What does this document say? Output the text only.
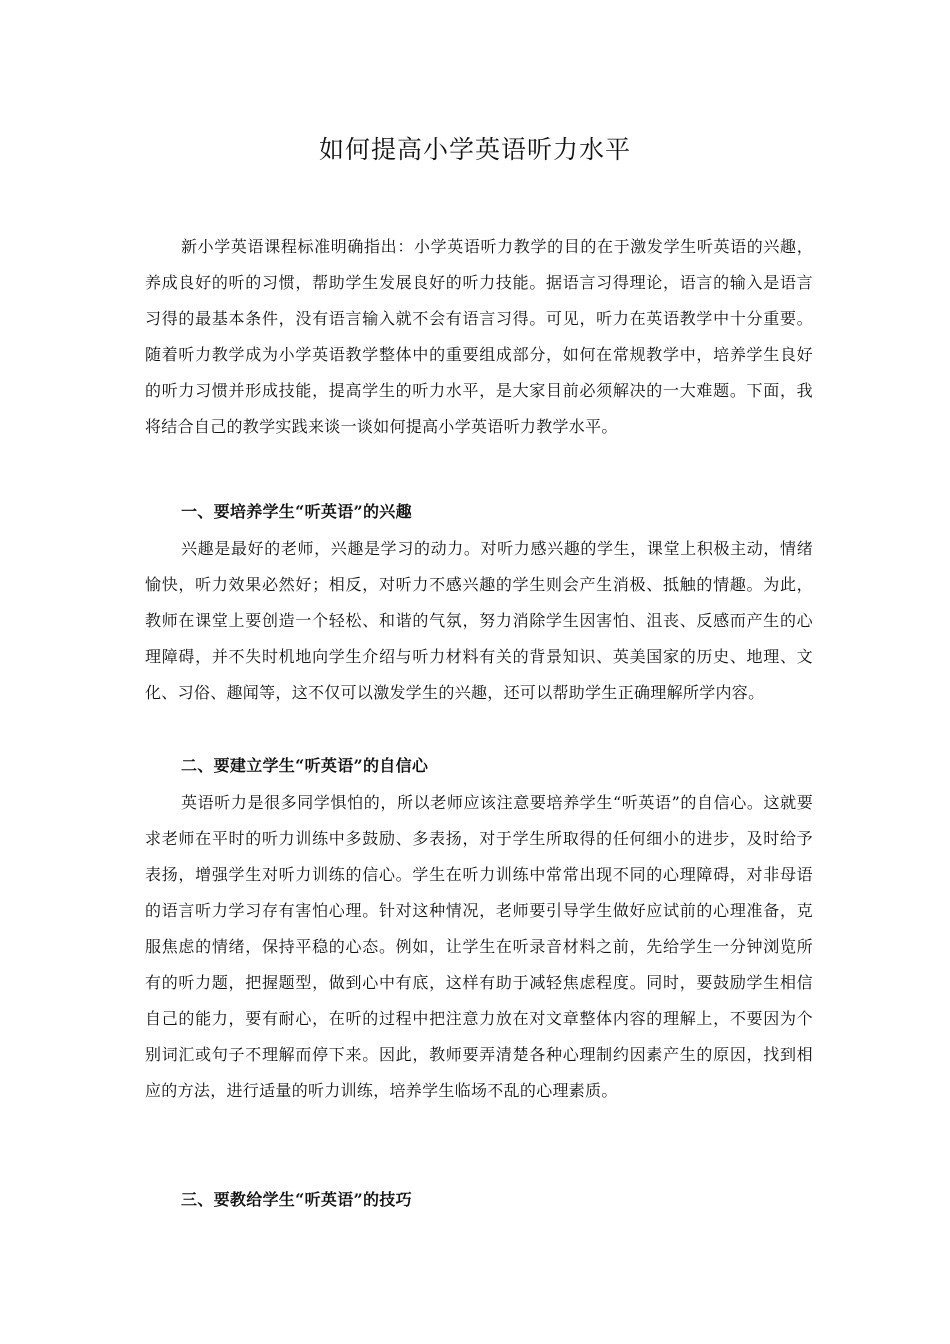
如何提高小学英语听力水平

新小学英语课程标准明确指出：小学英语听力教学的目的在于激发学生听英语的兴趣，养成良好的听的习惯，帮助学生发展良好的听力技能。据语言习得理论，语言的输入是语言习得的最基本条件，没有语言输入就不会有语言习得。可见，听力在英语教学中十分重要。随着听力教学成为小学英语教学整体中的重要组成部分，如何在常规教学中，培养学生良好的听力习惯并形成技能，提高学生的听力水平，是大家目前必须解决的一大难题。下面，我将结合自己的教学实践来谈一谈如何提高小学英语听力教学水平。

一、要培养学生“听英语”的兴趣

兴趣是最好的老师，兴趣是学习的动力。对听力感兴趣的学生，课堂上积极主动，情绪愉快，听力效果必然好；相反，对听力不感兴趣的学生则会产生消极、抵触的情趣。为此，教师在课堂上要创造一个轻松、和谐的气氛，努力消除学生因害怕、沮丧、反感而产生的心理障碍，并不失时机地向学生介绍与听力材料有关的背景知识、英美国家的历史、地理、文化、习俗、趣闻等，这不仅可以激发学生的兴趣，还可以帮助学生正确理解所学内容。

二、要建立学生“听英语”的自信心

英语听力是很多同学惧怕的，所以老师应该注意要培养学生“听英语”的自信心。这就要求老师在平时的听力训练中多鼓励、多表扬，对于学生所取得的任何细小的进步，及时给予表扬，增强学生对听力训练的信心。学生在听力训练中常常出现不同的心理障碍，对非母语的语言听力学习存有害怕心理。针对这种情况，老师要引导学生做好应试前的心理准备，克服焦虑的情绪，保持平稳的心态。例如，让学生在听录音材料之前，先给学生一分钟浏览所有的听力题，把握题型，做到心中有底，这样有助于减轻焦虑程度。同时，要鼓励学生相信自己的能力，要有耐心，在听的过程中把注意力放在对文章整体内容的理解上，不要因为个别词汇或句子不理解而停下来。因此，教师要弄清楚各种心理制约因素产生的原因，找到相应的方法，进行适量的听力训练，培养学生临场不乱的心理素质。

三、要教给学生“听英语”的技巧
